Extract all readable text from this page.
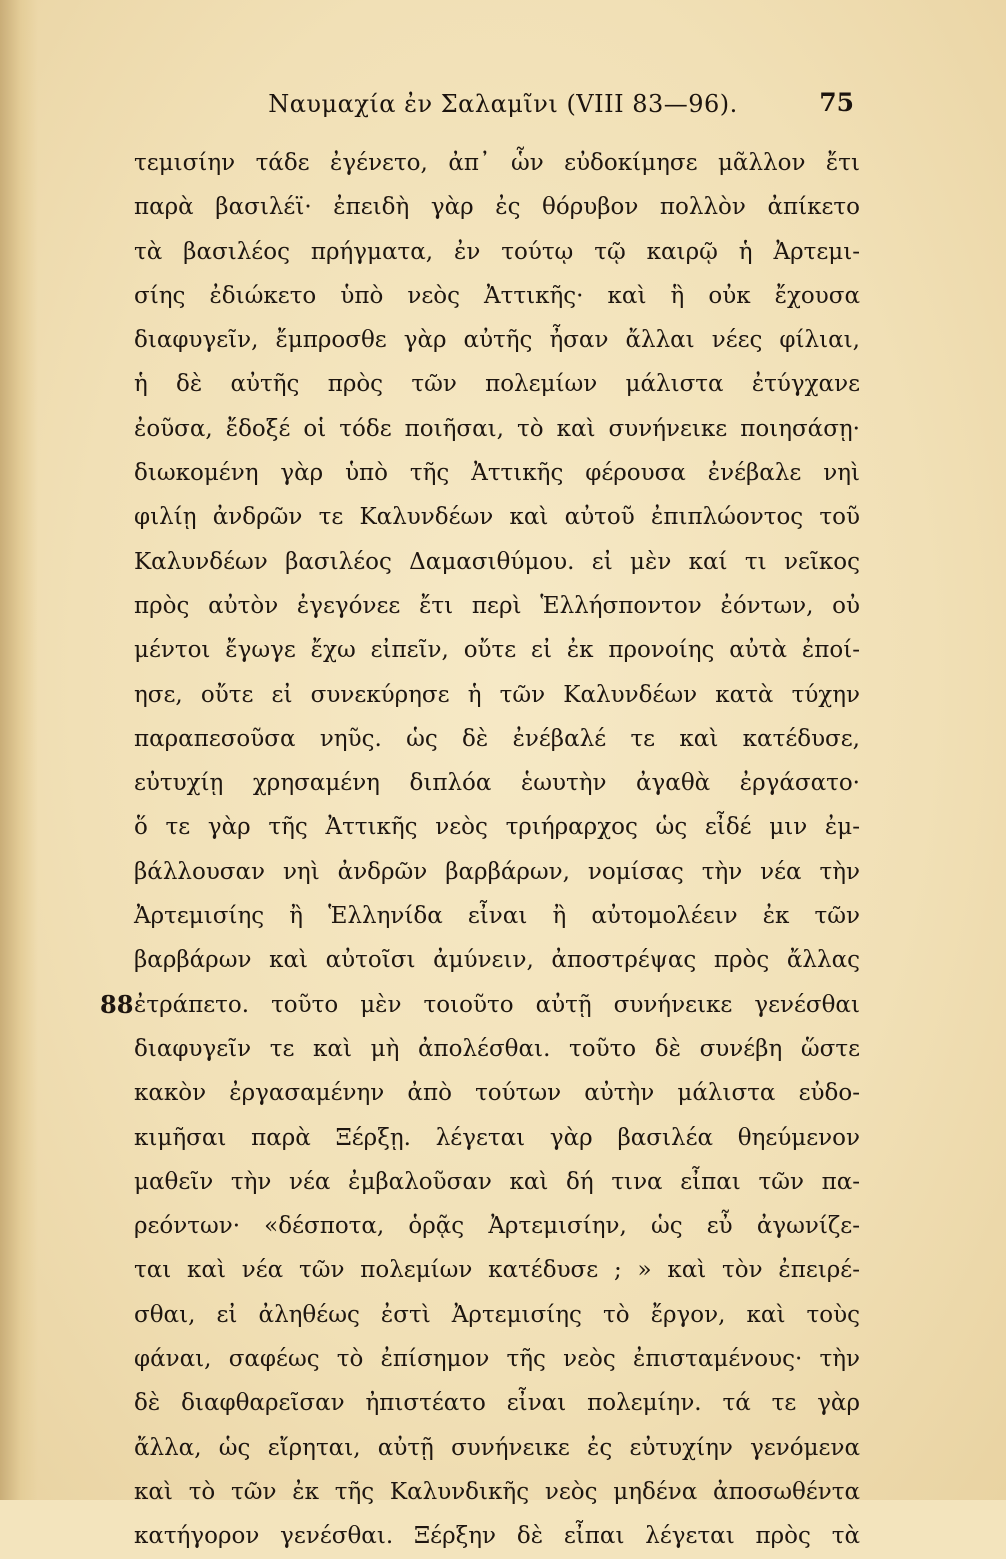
Ναυμαχία ἐν Σαλαμῖνι (VIII 83—96).	75
τεμισίην τάδε ἐγένετο, ἀπ᾽ ὧν εὐδοκίμησε μᾶλλον ἔτι
παρὰ βασιλέϊ· ἐπειδὴ γὰρ ἐς θόρυβον πολλὸν ἀπίκετο
τὰ βασιλέος πρήγματα, ἐν τούτῳ τῷ καιρῷ ἡ Ἀρτεμι-
σίης ἐδιώκετο ὑπὸ νεὸς Ἀττικῆς· καὶ ἣ οὐκ ἔχουσα
διαφυγεῖν, ἔμπροσθε γὰρ αὐτῆς ἦσαν ἄλλαι νέες φίλιαι,
ἡ δὲ αὐτῆς πρὸς τῶν πολεμίων μάλιστα ἐτύγχανε
ἐοῦσα, ἔδοξέ οἱ τόδε ποιῆσαι, τὸ καὶ συνήνεικε ποιησάσῃ·
διωκομένη γὰρ ὑπὸ τῆς Ἀττικῆς φέρουσα ἐνέβαλε νηὶ
φιλίῃ ἀνδρῶν τε Καλυνδέων καὶ αὐτοῦ ἐπιπλώοντος τοῦ
Καλυνδέων βασιλέος Δαμασιθύμου. εἰ μὲν καί τι νεῖκος
πρὸς αὐτὸν ἐγεγόνεε ἔτι περὶ Ἑλλήσποντον ἐόντων, οὐ
μέντοι ἔγωγε ἔχω εἰπεῖν, οὔτε εἰ ἐκ προνοίης αὐτὰ ἐποί-
ησε, οὔτε εἰ συνεκύρησε ἡ τῶν Καλυνδέων κατὰ τύχην
παραπεσοῦσα νηῦς. ὡς δὲ ἐνέβαλέ τε καὶ κατέδυσε,
εὐτυχίῃ χρησαμένη διπλόα ἑωυτὴν ἀγαθὰ ἐργάσατο·
ὅ τε γὰρ τῆς Ἀττικῆς νεὸς τριήραρχος ὡς εἶδέ μιν ἐμ-
βάλλουσαν νηὶ ἀνδρῶν βαρβάρων, νομίσας τὴν νέα τὴν
Ἀρτεμισίης ἢ Ἑλληνίδα εἶναι ἢ αὐτομολέειν ἐκ τῶν
βαρβάρων καὶ αὐτοῖσι ἀμύνειν, ἀποστρέψας πρὸς ἄλλας
88 ἐτράπετο. τοῦτο μὲν τοιοῦτο αὐτῇ συνήνεικε γενέσθαι
διαφυγεῖν τε καὶ μὴ ἀπολέσθαι. τοῦτο δὲ συνέβη ὥστε
κακὸν ἐργασαμένην ἀπὸ τούτων αὐτὴν μάλιστα εὐδο-
κιμῆσαι παρὰ Ξέρξῃ. λέγεται γὰρ βασιλέα θηεύμενον
μαθεῖν τὴν νέα ἐμβαλοῦσαν καὶ δή τινα εἶπαι τῶν πα-
ρεόντων· «δέσποτα, ὁρᾷς Ἀρτεμισίην, ὡς εὖ ἀγωνίζε-
ται καὶ νέα τῶν πολεμίων κατέδυσε ; » καὶ τὸν ἐπειρέ-
σθαι, εἰ ἀληθέως ἐστὶ Ἀρτεμισίης τὸ ἔργον, καὶ τοὺς
φάναι, σαφέως τὸ ἐπίσημον τῆς νεὸς ἐπισταμένους· τὴν
δὲ διαφθαρεῖσαν ἠπιστέατο εἶναι πολεμίην. τά τε γὰρ
ἄλλα, ὡς εἴρηται, αὐτῇ συνήνεικε ἐς εὐτυχίην γενόμενα
καὶ τὸ τῶν ἐκ τῆς Καλυνδικῆς νεὸς μηδένα ἀποσωθέντα
κατήγορον γενέσθαι. Ξέρξην δὲ εἶπαι λέγεται πρὸς τὰ
